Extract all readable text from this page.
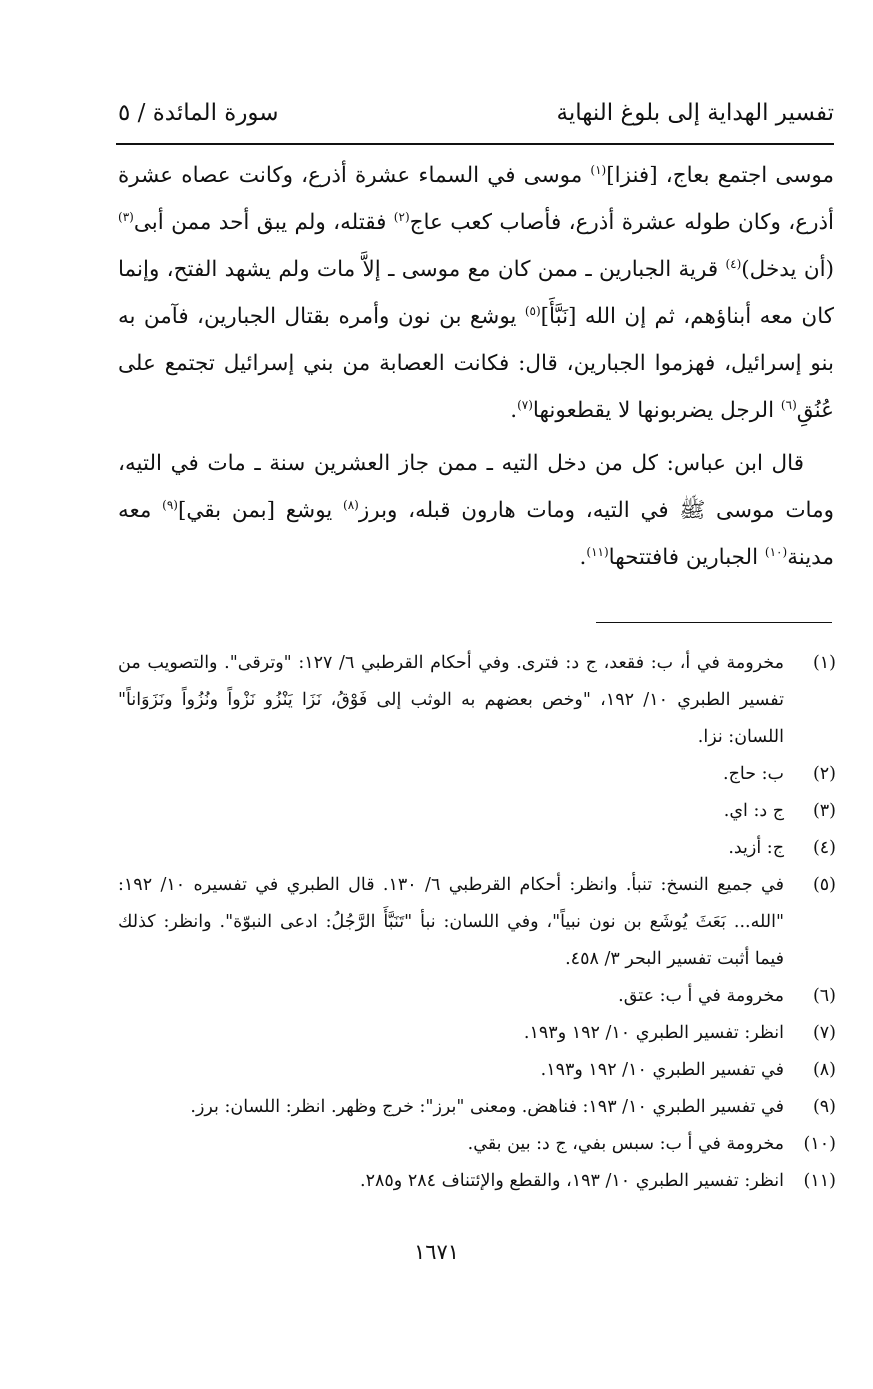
تفسير الهداية إلى بلوغ النهاية
سورة المائدة / ٥

موسى اجتمع بعاج، [فنزا]$^{(١)}$ موسى في السماء عشرة أذرع، وكانت عصاه عشرة أذرع، وكان طوله عشرة أذرع، فأصاب كعب عاج$^{(٢)}$ فقتله، ولم يبق أحد ممن أبى$^{(٣)}$ (أن يدخل)$^{(٤)}$ قرية الجبارين ـ ممن كان مع موسى ـ إلاَّ مات ولم يشهد الفتح، وإنما كان معه أبناؤهم، ثم إن الله [نَبَّأَ]$^{(٥)}$ يوشع بن نون وأمره بقتال الجبارين، فآمن به بنو إسرائيل، فهزموا الجبارين، قال: فكانت العصابة من بني إسرائيل تجتمع على عُنُقِ$^{(٦)}$ الرجل يضربونها لا يقطعونها$^{(٧)}$.

قال ابن عباس: كل من دخل التيه ـ ممن جاز العشرين سنة ـ مات في التيه، ومات موسى ﷺ في التيه، ومات هارون قبله، وبرز$^{(٨)}$ يوشع [بمن بقي]$^{(٩)}$ معه مدينة$^{(١٠)}$ الجبارين فافتتحها$^{(١١)}$.

(١)
مخرومة في أ، ب: فقعد، ج د: فترى. وفي أحكام القرطبي ٦/ ١٢٧: "وترقى". والتصويب من تفسير الطبري ١٠/ ١٩٢، "وخص بعضهم به الوثب إلى فَوْقُ، نَزَا يَنْزُو نَزْواً ونُزُواً ونَزَوَاناً" اللسان: نزا.
(٢)
ب: حاج.
(٣)
ج د: اي.
(٤)
ج: أزيد.
(٥)
في جميع النسخ: تنبأ. وانظر: أحكام القرطبي ٦/ ١٣٠. قال الطبري في تفسيره ١٠/ ١٩٢: "الله... بَعَثَ يُوشَع بن نون نبياً"، وفي اللسان: نبأ "تَنَبَّأَ الرَّجُلُ: ادعى النبوّة". وانظر: كذلك فيما أثبت تفسير البحر ٣/ ٤٥٨.
(٦)
مخرومة في أ ب: عتق.
(٧)
انظر: تفسير الطبري ١٠/ ١٩٢ و١٩٣.
(٨)
في تفسير الطبري ١٠/ ١٩٢ و١٩٣.
(٩)
في تفسير الطبري ١٠/ ١٩٣: فناهض. ومعنى "برز": خرج وظهر. انظر: اللسان: برز.
(١٠)
مخرومة في أ ب: سبس بفي، ج د: بين بقي.
(١١)
انظر: تفسير الطبري ١٠/ ١٩٣، والقطع والإئتناف ٢٨٤ و٢٨٥.
١٦٧١
